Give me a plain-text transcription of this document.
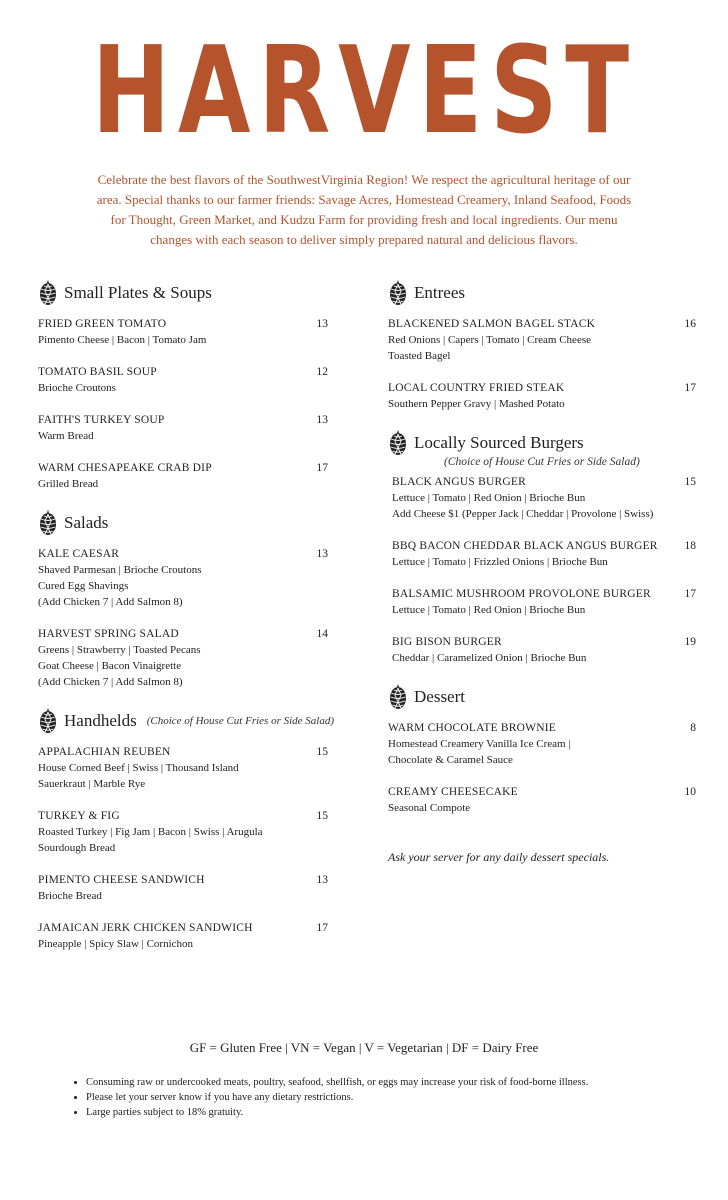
HARVEST

Celebrate the best flavors of the SouthwestVirginia Region! We respect the agricultural heritage of our area. Special thanks to our farmer friends: Savage Acres, Homestead Creamery, Inland Seafood, Foods for Thought, Green Market, and Kudzu Farm for providing fresh and local ingredients. Our menu changes with each season to deliver simply prepared natural and delicious flavors.

Small Plates & Soups
FRIED GREEN TOMATO	13
Pimento Cheese | Bacon | Tomato Jam
TOMATO BASIL SOUP	12
Brioche Croutons
FAITH'S TURKEY SOUP	13
Warm Bread
WARM CHESAPEAKE CRAB DIP	17
Grilled Bread
Salads
KALE CAESAR	13
Shaved Parmesan | Brioche Croutons
Cured Egg Shavings
(Add Chicken 7 | Add Salmon 8)
HARVEST SPRING SALAD	14
Greens | Strawberry | Toasted Pecans
Goat Cheese | Bacon Vinaigrette
(Add Chicken 7 | Add Salmon 8)
Handhelds (Choice of House Cut Fries or Side Salad)
APPALACHIAN REUBEN	15
House Corned Beef | Swiss | Thousand Island
Sauerkraut | Marble Rye
TURKEY & FIG	15
Roasted Turkey | Fig Jam | Bacon | Swiss | Arugula
Sourdough Bread
PIMENTO CHEESE SANDWICH	13
Brioche Bread
JAMAICAN JERK CHICKEN SANDWICH	17
Pineapple | Spicy Slaw | Cornichon
Entrees
BLACKENED SALMON BAGEL STACK	16
Red Onions | Capers | Tomato | Cream Cheese
Toasted Bagel
LOCAL COUNTRY FRIED STEAK	17
Southern Pepper Gravy | Mashed Potato
Locally Sourced Burgers
(Choice of House Cut Fries or Side Salad)
BLACK ANGUS BURGER	15
Lettuce | Tomato | Red Onion | Brioche Bun
Add Cheese $1 (Pepper Jack | Cheddar | Provolone | Swiss)
BBQ BACON CHEDDAR BLACK ANGUS BURGER 18
Lettuce | Tomato | Frizzled Onions | Brioche Bun
BALSAMIC MUSHROOM PROVOLONE BURGER	17
Lettuce | Tomato | Red Onion | Brioche Bun
BIG BISON BURGER	19
Cheddar | Caramelized Onion | Brioche Bun
Dessert
WARM CHOCOLATE BROWNIE	8
Homestead Creamery Vanilla Ice Cream |
Chocolate & Caramel Sauce
CREAMY CHEESECAKE	10
Seasonal Compote
Ask your server for any daily dessert specials.
GF = Gluten Free | VN = Vegan | V = Vegetarian | DF = Dairy Free
• Consuming raw or undercooked meats, poultry, seafood, shellfish, or eggs may increase your risk of food-borne illness.
• Please let your server know if you have any dietary restrictions.
• Large parties subject to 18% gratuity.
